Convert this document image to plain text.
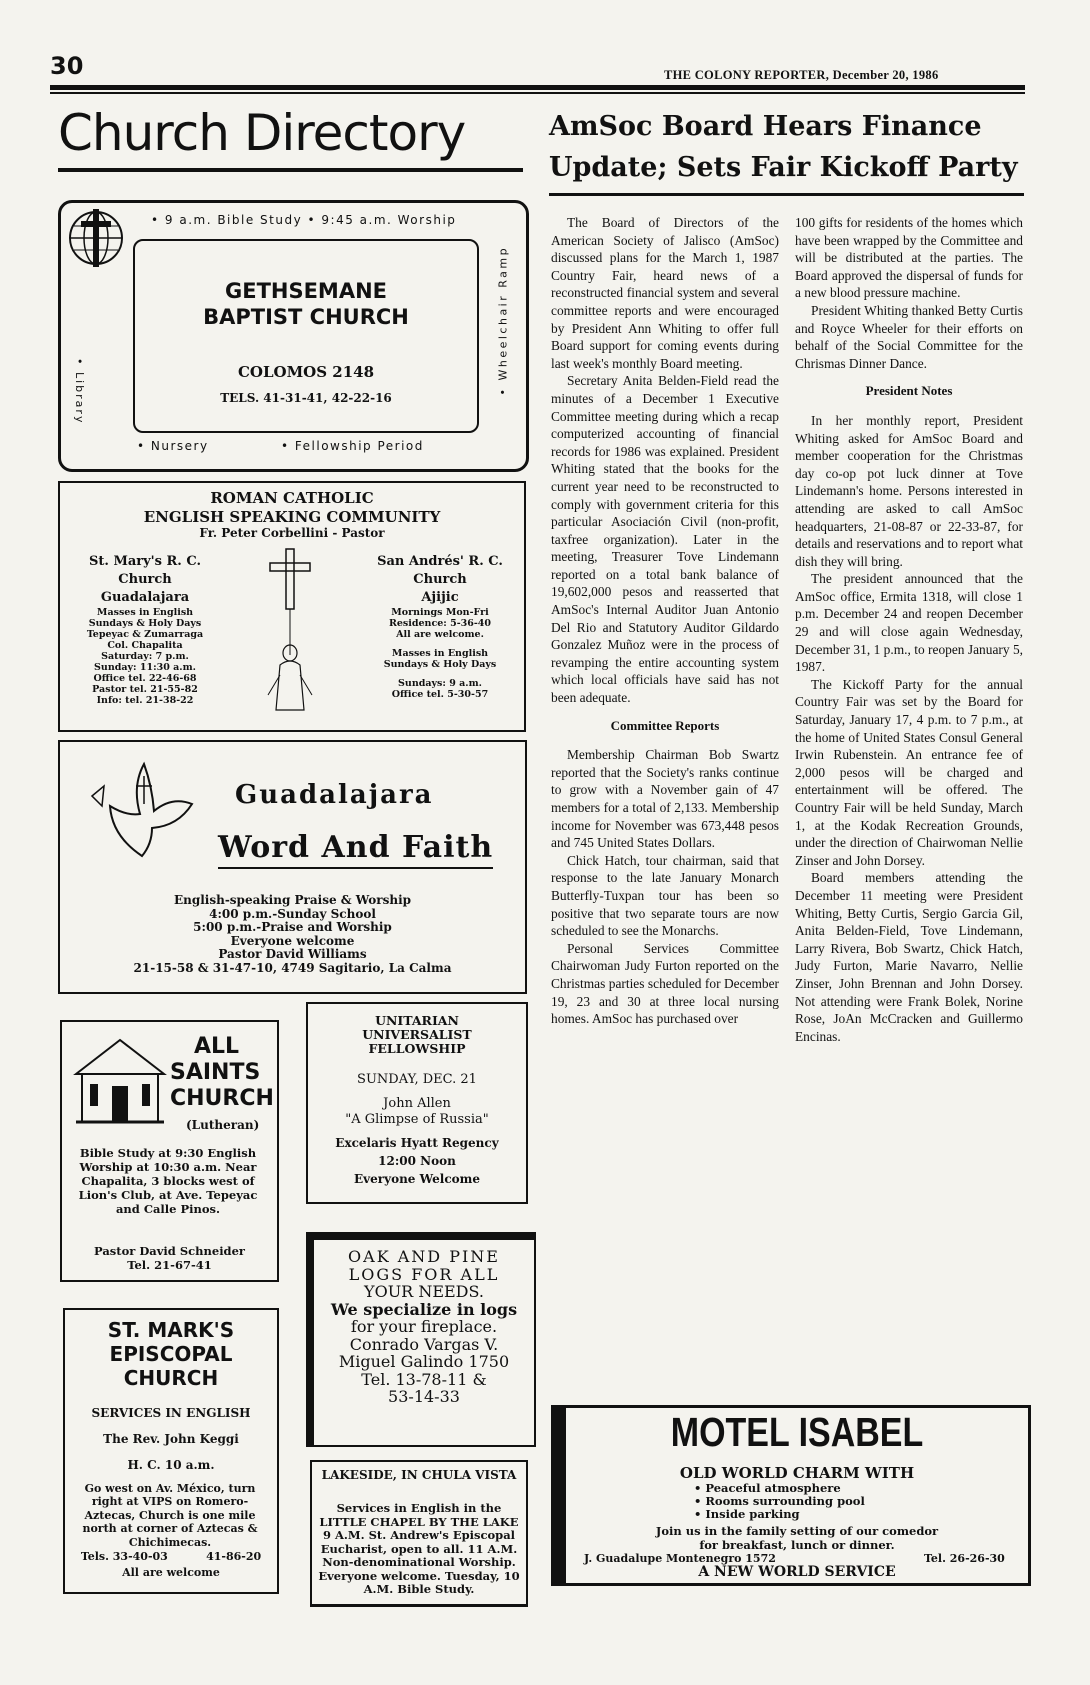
30	THE COLONY REPORTER, December 20, 1986
Church Directory
• 9 a.m. Bible Study • 9:45 a.m. Worship
GETHSEMANE
BAPTIST CHURCH
COLOMOS 2148
TELS. 41-31-41, 42-22-16
• Library	• Wheelchair Ramp
• Nursery	• Fellowship Period
ROMAN CATHOLIC
ENGLISH SPEAKING COMMUNITY
Fr. Peter Corbellini - Pastor
St. Mary's R. C.
Church
Guadalajara
Masses in English
Sundays & Holy Days
Tepeyac & Zumarraga
Col. Chapalita
Saturday: 7 p.m.
Sunday: 11:30 a.m.
Office tel. 22-46-68
Pastor tel. 21-55-82
Info: tel. 21-38-22
San Andrés' R. C.
Church
Ajijic
Mornings Mon-Fri
Residence: 5-36-40
All are welcome.
Masses in English
Sundays & Holy Days
Sundays: 9 a.m.
Office tel. 5-30-57
Guadalajara
Word And Faith
English-speaking Praise & Worship
4:00 p.m.-Sunday School
5:00 p.m.-Praise and Worship
Everyone welcome
Pastor David Williams
21-15-58 & 31-47-10, 4749 Sagitario, La Calma
ALL
SAINTS
CHURCH
(Lutheran)
Bible Study at 9:30 English Worship at 10:30 a.m. Near Chapalita, 3 blocks west of Lion's Club, at Ave. Tepeyac and Calle Pinos.
Pastor David Schneider
Tel. 21-67-41
UNITARIAN
UNIVERSALIST
FELLOWSHIP
SUNDAY, DEC. 21
John Allen
"A Glimpse of Russia"
Excelaris Hyatt Regency
12:00 Noon
Everyone Welcome
OAK AND PINE
LOGS FOR ALL
YOUR NEEDS.
We specialize in logs
for your fireplace.
Conrado Vargas V.
Miguel Galindo 1750
Tel. 13-78-11 &
53-14-33
ST. MARK'S
EPISCOPAL
CHURCH
SERVICES IN ENGLISH
The Rev. John Keggi
H. C. 10 a.m.
Go west on Av. México, turn right at VIPS on Romero-Aztecas, Church is one mile north at corner of Aztecas & Chichimecas.
Tels. 33-40-03          41-86-20
All are welcome
LAKESIDE, IN CHULA VISTA
Services in English in the LITTLE CHAPEL BY THE LAKE 9 A.M. St. Andrew's Episcopal Eucharist, open to all. 11 A.M. Non-denominational Worship. Everyone welcome. Tuesday, 10 A.M. Bible Study.
AmSoc Board Hears Finance
Update; Sets Fair Kickoff Party

The Board of Directors of the American Society of Jalisco (AmSoc) discussed plans for the March 1, 1987 Country Fair, heard news of a reconstructed financial system and several committee reports and were encouraged by President Ann Whiting to offer full Board support for coming events during last week's monthly Board meeting.

Secretary Anita Belden-Field read the minutes of a December 1 Executive Committee meeting during which a recap computerized accounting of financial records for 1986 was explained. President Whiting stated that the books for the current year need to be reconstructed to comply with government criteria for this particular Asociación Civil (non-profit, taxfree organization). Later in the meeting, Treasurer Tove Lindemann reported on a total bank balance of 19,602,000 pesos and reasserted that AmSoc's Internal Auditor Juan Antonio Del Rio and Statutory Auditor Gildardo Gonzalez Muñoz were in the process of revamping the entire accounting system which local officials have said has not been adequate.

Committee Reports

Membership Chairman Bob Swartz reported that the Society's ranks continue to grow with a November gain of 47 members for a total of 2,133. Membership income for November was 673,448 pesos and 745 United States Dollars.

Chick Hatch, tour chairman, said that response to the late January Monarch Butterfly-Tuxpan tour has been so positive that two separate tours are now scheduled to see the Monarchs.

Personal Services Committee Chairwoman Judy Furton reported on the Christmas parties scheduled for December 19, 23 and 30 at three local nursing homes. AmSoc has purchased over

100 gifts for residents of the homes which have been wrapped by the Committee and will be distributed at the parties. The Board approved the dispersal of funds for a new blood pressure machine.

President Whiting thanked Betty Curtis and Royce Wheeler for their efforts on behalf of the Social Committee for the Chrismas Dinner Dance.

President Notes

In her monthly report, President Whiting asked for AmSoc Board and member cooperation for the Christmas day co-op pot luck dinner at Tove Lindemann's home. Persons interested in attending are asked to call AmSoc headquarters, 21-08-87 or 22-33-87, for details and reservations and to report what dish they will bring.

The president announced that the AmSoc office, Ermita 1318, will close 1 p.m. December 24 and reopen December 29 and will close again Wednesday, December 31, 1 p.m., to reopen January 5, 1987.

The Kickoff Party for the annual Country Fair was set by the Board for Saturday, January 17, 4 p.m. to 7 p.m., at the home of United States Consul General Irwin Rubenstein. An entrance fee of 2,000 pesos will be charged and entertainment will be offered. The Country Fair will be held Sunday, March 1, at the Kodak Recreation Grounds, under the direction of Chairwoman Nellie Zinser and John Dorsey.

Board members attending the December 11 meeting were President Whiting, Betty Curtis, Sergio Garcia Gil, Anita Belden-Field, Tove Lindemann, Larry Rivera, Bob Swartz, Chick Hatch, Judy Furton, Marie Navarro, Nellie Zinser, John Brennan and John Dorsey. Not attending were Frank Bolek, Norine Rose, JoAn McCracken and Guillermo Encinas.

MOTEL ISABEL
OLD WORLD CHARM WITH
• Peaceful atmosphere
• Rooms surrounding pool
• Inside parking
Join us in the family setting of our comedor
for breakfast, lunch or dinner.
J. Guadalupe Montenegro 1572	Tel. 26-26-30
A NEW WORLD SERVICE
